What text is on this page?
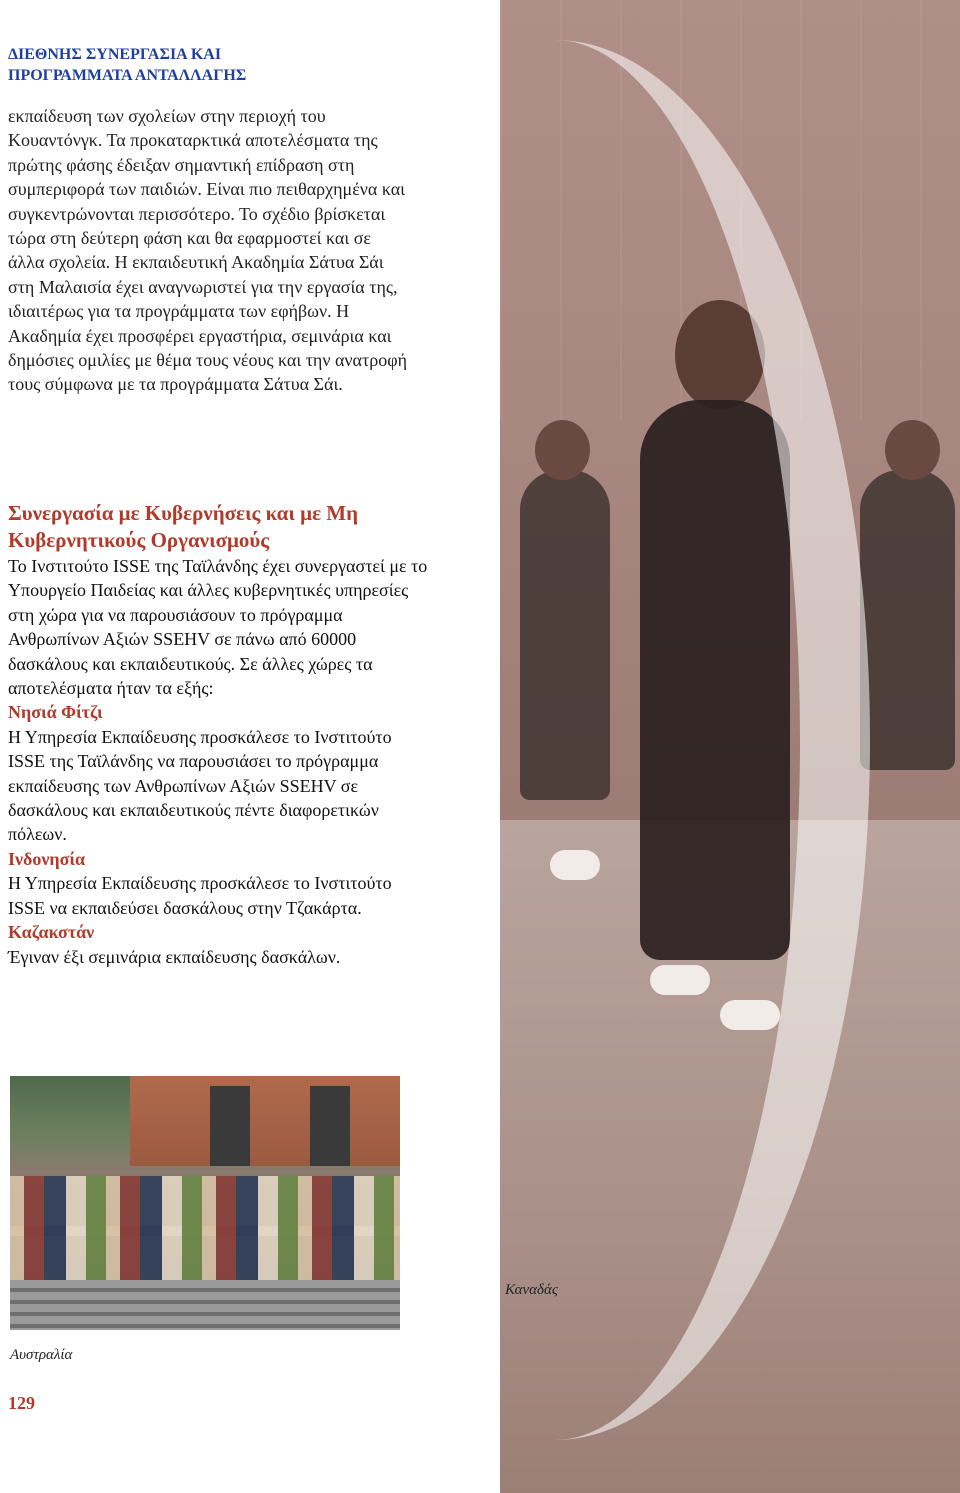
ΔΙΕΘΝΗΣ ΣΥΝΕΡΓΑΣΙΑ ΚΑΙ
ΠΡΟΓΡΑΜΜΑΤΑ ΑΝΤΑΛΛΑΓΗΣ
εκπαίδευση των σχολείων στην περιοχή του Κουαντόνγκ. Τα προκαταρκτικά αποτελέσματα της πρώτης φάσης έδειξαν σημαντική επίδραση στη συμπεριφορά των παιδιών. Είναι πιο πειθαρχημένα και συγκεντρώνονται περισσότερο. Το σχέδιο βρίσκεται τώρα στη δεύτερη φάση και θα εφαρμοστεί και σε άλλα σχολεία. Η εκπαιδευτική Ακαδημία Σάτυα Σάι στη Μαλαισία έχει αναγνωριστεί για την εργασία της, ιδιαιτέρως για τα προγράμματα των εφήβων. Η Ακαδημία έχει προσφέρει εργαστήρια, σεμινάρια και δημόσιες ομιλίες με θέμα τους νέους και την ανατροφή τους σύμφωνα με τα προγράμματα Σάτυα Σάι.
Συνεργασία με Κυβερνήσεις και με Μη Κυβερνητικούς Οργανισμούς

Το Ινστιτούτο ISSE της Ταϊλάνδης έχει συνεργαστεί με το Υπουργείο Παιδείας και άλλες κυβερνητικές υπηρεσίες στη χώρα για να παρουσιάσουν το πρόγραμμα Ανθρωπίνων Αξιών SSEHV σε πάνω από 60000 δασκάλους και εκπαιδευτικούς. Σε άλλες χώρες τα αποτελέσματα ήταν τα εξής:

Νησιά Φίτζι

Η Υπηρεσία Εκπαίδευσης προσκάλεσε το Ινστιτούτο ISSE της Ταϊλάνδης να παρουσιάσει το πρόγραμμα εκπαίδευσης των Ανθρωπίνων Αξιών SSEHV σε δασκάλους και εκπαιδευτικούς πέντε διαφορετικών πόλεων.

Ινδονησία

Η Υπηρεσία Εκπαίδευσης προσκάλεσε το Ινστιτούτο ISSE να εκπαιδεύσει δασκάλους στην Τζακάρτα.

Καζακστάν

Έγιναν έξι σεμινάρια εκπαίδευσης δασκάλων.

Καναδάς
Αυστραλία
129
